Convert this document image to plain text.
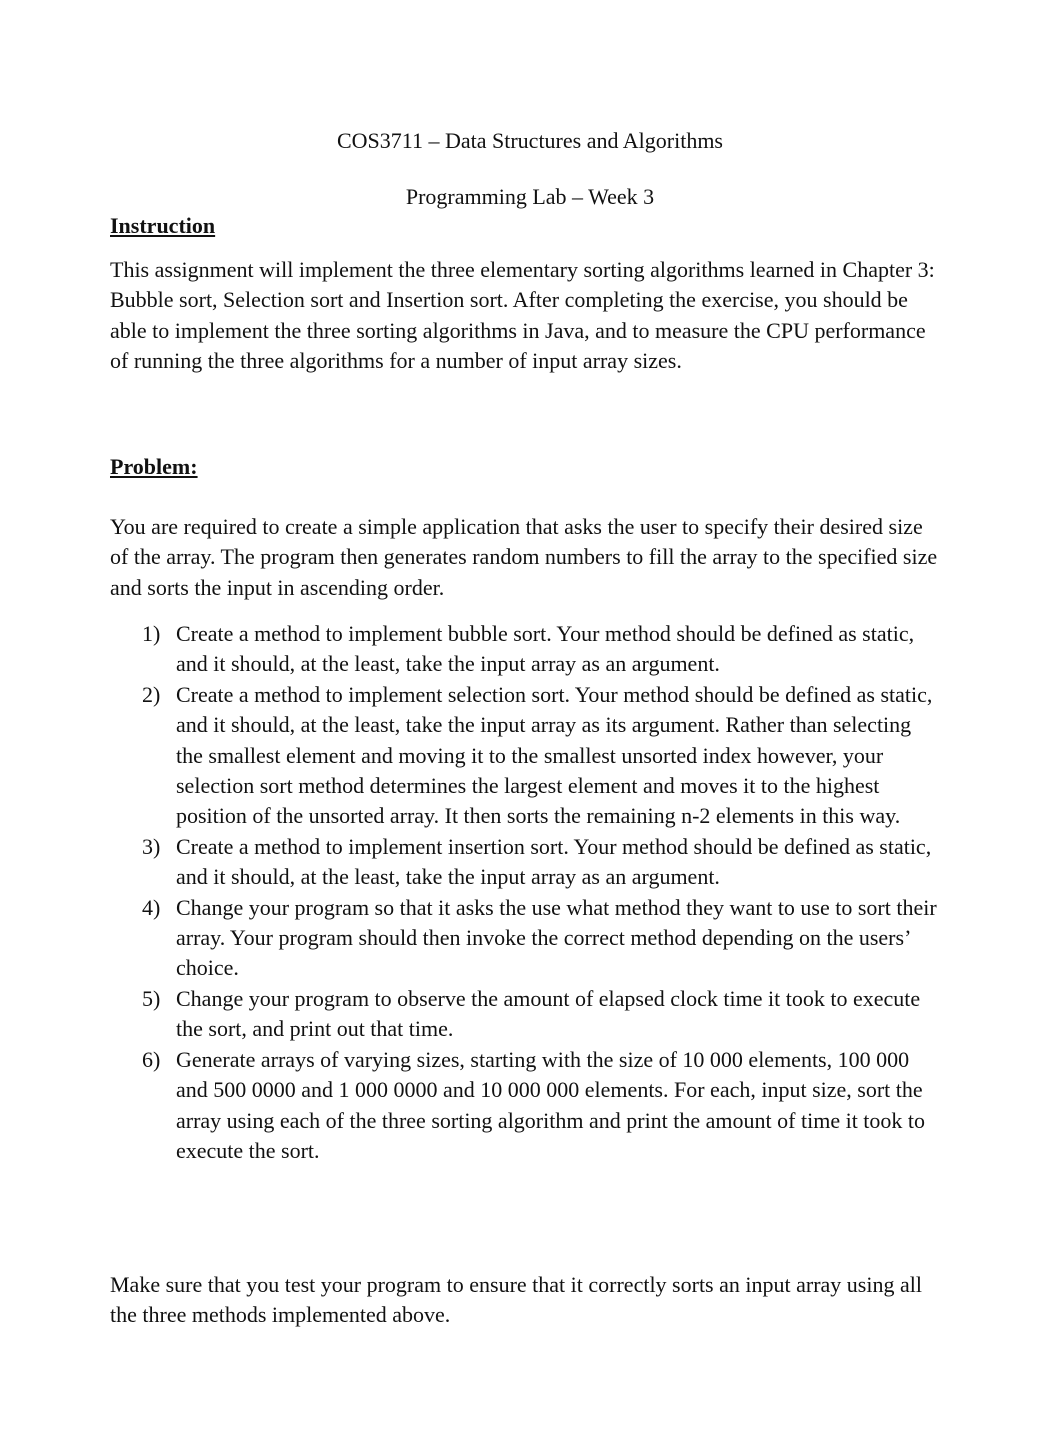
COS3711 – Data Structures and Algorithms
Programming Lab – Week 3
Instruction

This assignment will implement the three elementary sorting algorithms learned in Chapter 3: Bubble sort, Selection sort and Insertion sort. After completing the exercise, you should be able to implement the three sorting algorithms in Java, and to measure the CPU performance of running the three algorithms for a number of input array sizes.

Problem:

You are required to create a simple application that asks the user to specify their desired size of the array. The program then generates random numbers to fill the array to the specified size and sorts the input in ascending order.

1) Create a method to implement bubble sort. Your method should be defined as static, and it should, at the least, take the input array as an argument.
2) Create a method to implement selection sort. Your method should be defined as static, and it should, at the least, take the input array as its argument. Rather than selecting the smallest element and moving it to the smallest unsorted index however, your selection sort method determines the largest element and moves it to the highest position of the unsorted array. It then sorts the remaining n-2 elements in this way.
3) Create a method to implement insertion sort. Your method should be defined as static, and it should, at the least, take the input array as an argument.
4) Change your program so that it asks the use what method they want to use to sort their array. Your program should then invoke the correct method depending on the users’ choice.
5) Change your program to observe the amount of elapsed clock time it took to execute the sort, and print out that time.
6) Generate arrays of varying sizes, starting with the size of 10 000 elements, 100 000 and 500 0000 and 1 000 0000 and 10 000 000 elements. For each, input size, sort the array using each of the three sorting algorithm and print the amount of time it took to execute the sort.

Make sure that you test your program to ensure that it correctly sorts an input array using all the three methods implemented above.
